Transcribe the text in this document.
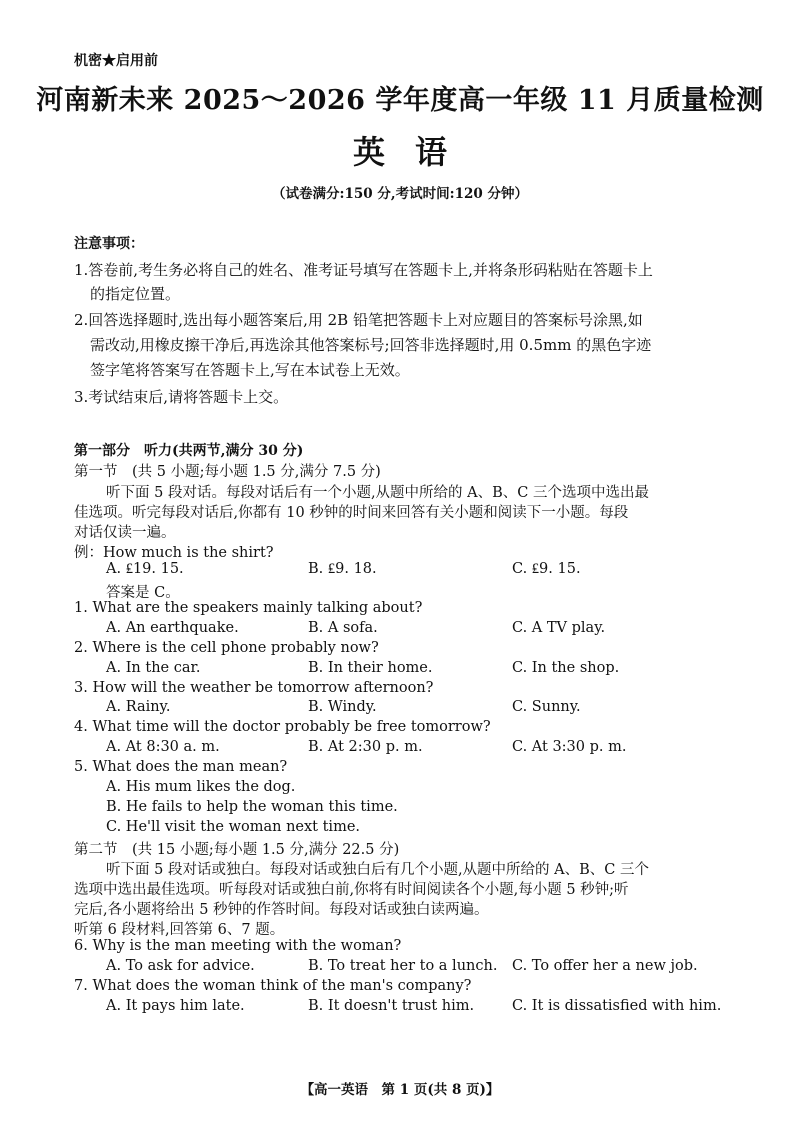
机密★启用前
河南新未来 2025～2026 学年度高一年级 11 月质量检测
英语
（试卷满分:150 分,考试时间:120 分钟）
注意事项：
1.答卷前,考生务必将自己的姓名、准考证号填写在答题卡上,并将条形码粘贴在答题卡上
的指定位置。
2.回答选择题时,选出每小题答案后,用 2B 铅笔把答题卡上对应题目的答案标号涂黑,如
需改动,用橡皮擦干净后,再选涂其他答案标号;回答非选择题时,用 0.5mm 的黑色字迹
签字笔将答案写在答题卡上,写在本试卷上无效。
3.考试结束后,请将答题卡上交。
第一部分　听力(共两节,满分 30 分)
第一节　(共 5 小题;每小题 1.5 分,满分 7.5 分)
听下面 5 段对话。每段对话后有一个小题,从题中所给的 A、B、C 三个选项中选出最
佳选项。听完每段对话后,你都有 10 秒钟的时间来回答有关小题和阅读下一小题。每段
对话仅读一遍。
例：How much is the shirt?
A. ₤19. 15.	B. ₤9. 18.	C. ₤9. 15.
答案是 C。
1. What are the speakers mainly talking about?
A. An earthquake.	B. A sofa.	C. A TV play.
2. Where is the cell phone probably now?
A. In the car.	B. In their home.	C. In the shop.
3. How will the weather be tomorrow afternoon?
A. Rainy.	B. Windy.	C. Sunny.
4. What time will the doctor probably be free tomorrow?
A. At 8:30 a. m.	B. At 2:30 p. m.	C. At 3:30 p. m.
5. What does the man mean?
A. His mum likes the dog.
B. He fails to help the woman this time.
C. He'll visit the woman next time.
第二节　(共 15 小题;每小题 1.5 分,满分 22.5 分)
听下面 5 段对话或独白。每段对话或独白后有几个小题,从题中所给的 A、B、C 三个
选项中选出最佳选项。听每段对话或独白前,你将有时间阅读各个小题,每小题 5 秒钟;听
完后,各小题将给出 5 秒钟的作答时间。每段对话或独白读两遍。
听第 6 段材料,回答第 6、7 题。
6. Why is the man meeting with the woman?
A. To ask for advice.	B. To treat her to a lunch. C. To offer her a new job.
7. What does the woman think of the man's company?
A. It pays him late.	B. It doesn't trust him.	C. It is dissatisfied with him.
【高一英语　第 1 页(共 8 页)】
